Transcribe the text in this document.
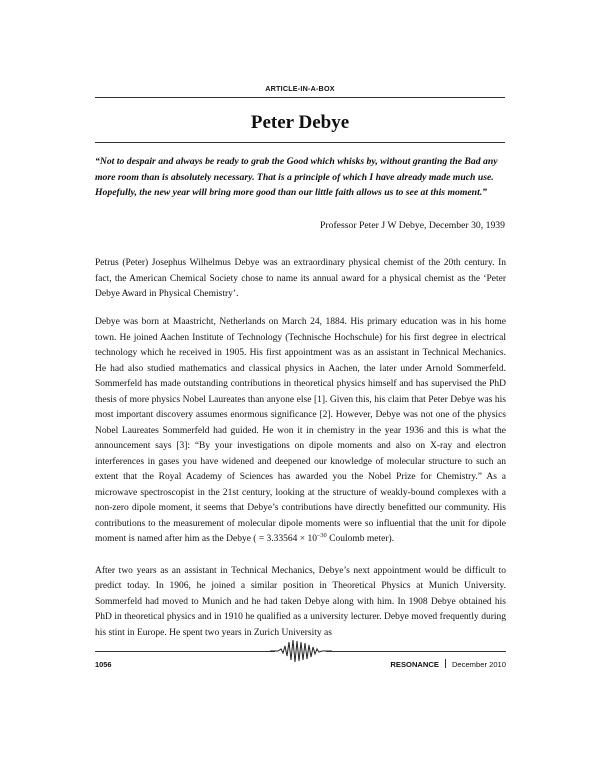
ARTICLE-IN-A-BOX
Peter Debye

“Not to despair and always be ready to grab the Good which whisks by, without granting the Bad any more room than is absolutely necessary. That is a principle of which I have already made much use. Hopefully, the new year will bring more good than our little faith allows us to see at this moment.”

Professor Peter J W Debye, December 30, 1939

Petrus (Peter) Josephus Wilhelmus Debye was an extraordinary physical chemist of the 20th century. In fact, the American Chemical Society chose to name its annual award for a physical chemist as the ‘Peter Debye Award in Physical Chemistry’.

Debye was born at Maastricht, Netherlands on March 24, 1884. His primary education was in his home town. He joined Aachen Institute of Technology (Technische Hochschule) for his first degree in electrical technology which he received in 1905. His first appointment was as an assistant in Technical Mechanics. He had also studied mathematics and classical physics in Aachen, the later under Arnold Sommerfeld. Sommerfeld has made outstanding contributions in theoretical physics himself and has supervised the PhD thesis of more physics Nobel Laureates than anyone else [1]. Given this, his claim that Peter Debye was his most important discovery assumes enormous significance [2]. However, Debye was not one of the physics Nobel Laureates Sommerfeld had guided. He won it in chemistry in the year 1936 and this is what the announcement says [3]: “By your investigations on dipole moments and also on X-ray and electron interferences in gases you have widened and deepened our knowledge of molecular structure to such an extent that the Royal Academy of Sciences has awarded you the Nobel Prize for Chemistry.” As a microwave spectroscopist in the 21st century, looking at the structure of weakly-bound complexes with a non-zero dipole moment, it seems that Debye’s contributions have directly benefitted our community. His contributions to the measurement of molecular dipole moments were so influential that the unit for dipole moment is named after him as the Debye ( = $3.33564 \times 10^{-30}$ Coulomb meter).

After two years as an assistant in Technical Mechanics, Debye’s next appointment would be difficult to predict today. In 1906, he joined a similar position in Theoretical Physics at Munich University. Sommerfeld had moved to Munich and he had taken Debye along with him. In 1908 Debye obtained his PhD in theoretical physics and in 1910 he qualified as a university lecturer. Debye moved frequently during his stint in Europe. He spent two years in Zurich University as

1056	RESONANCE December 2010
